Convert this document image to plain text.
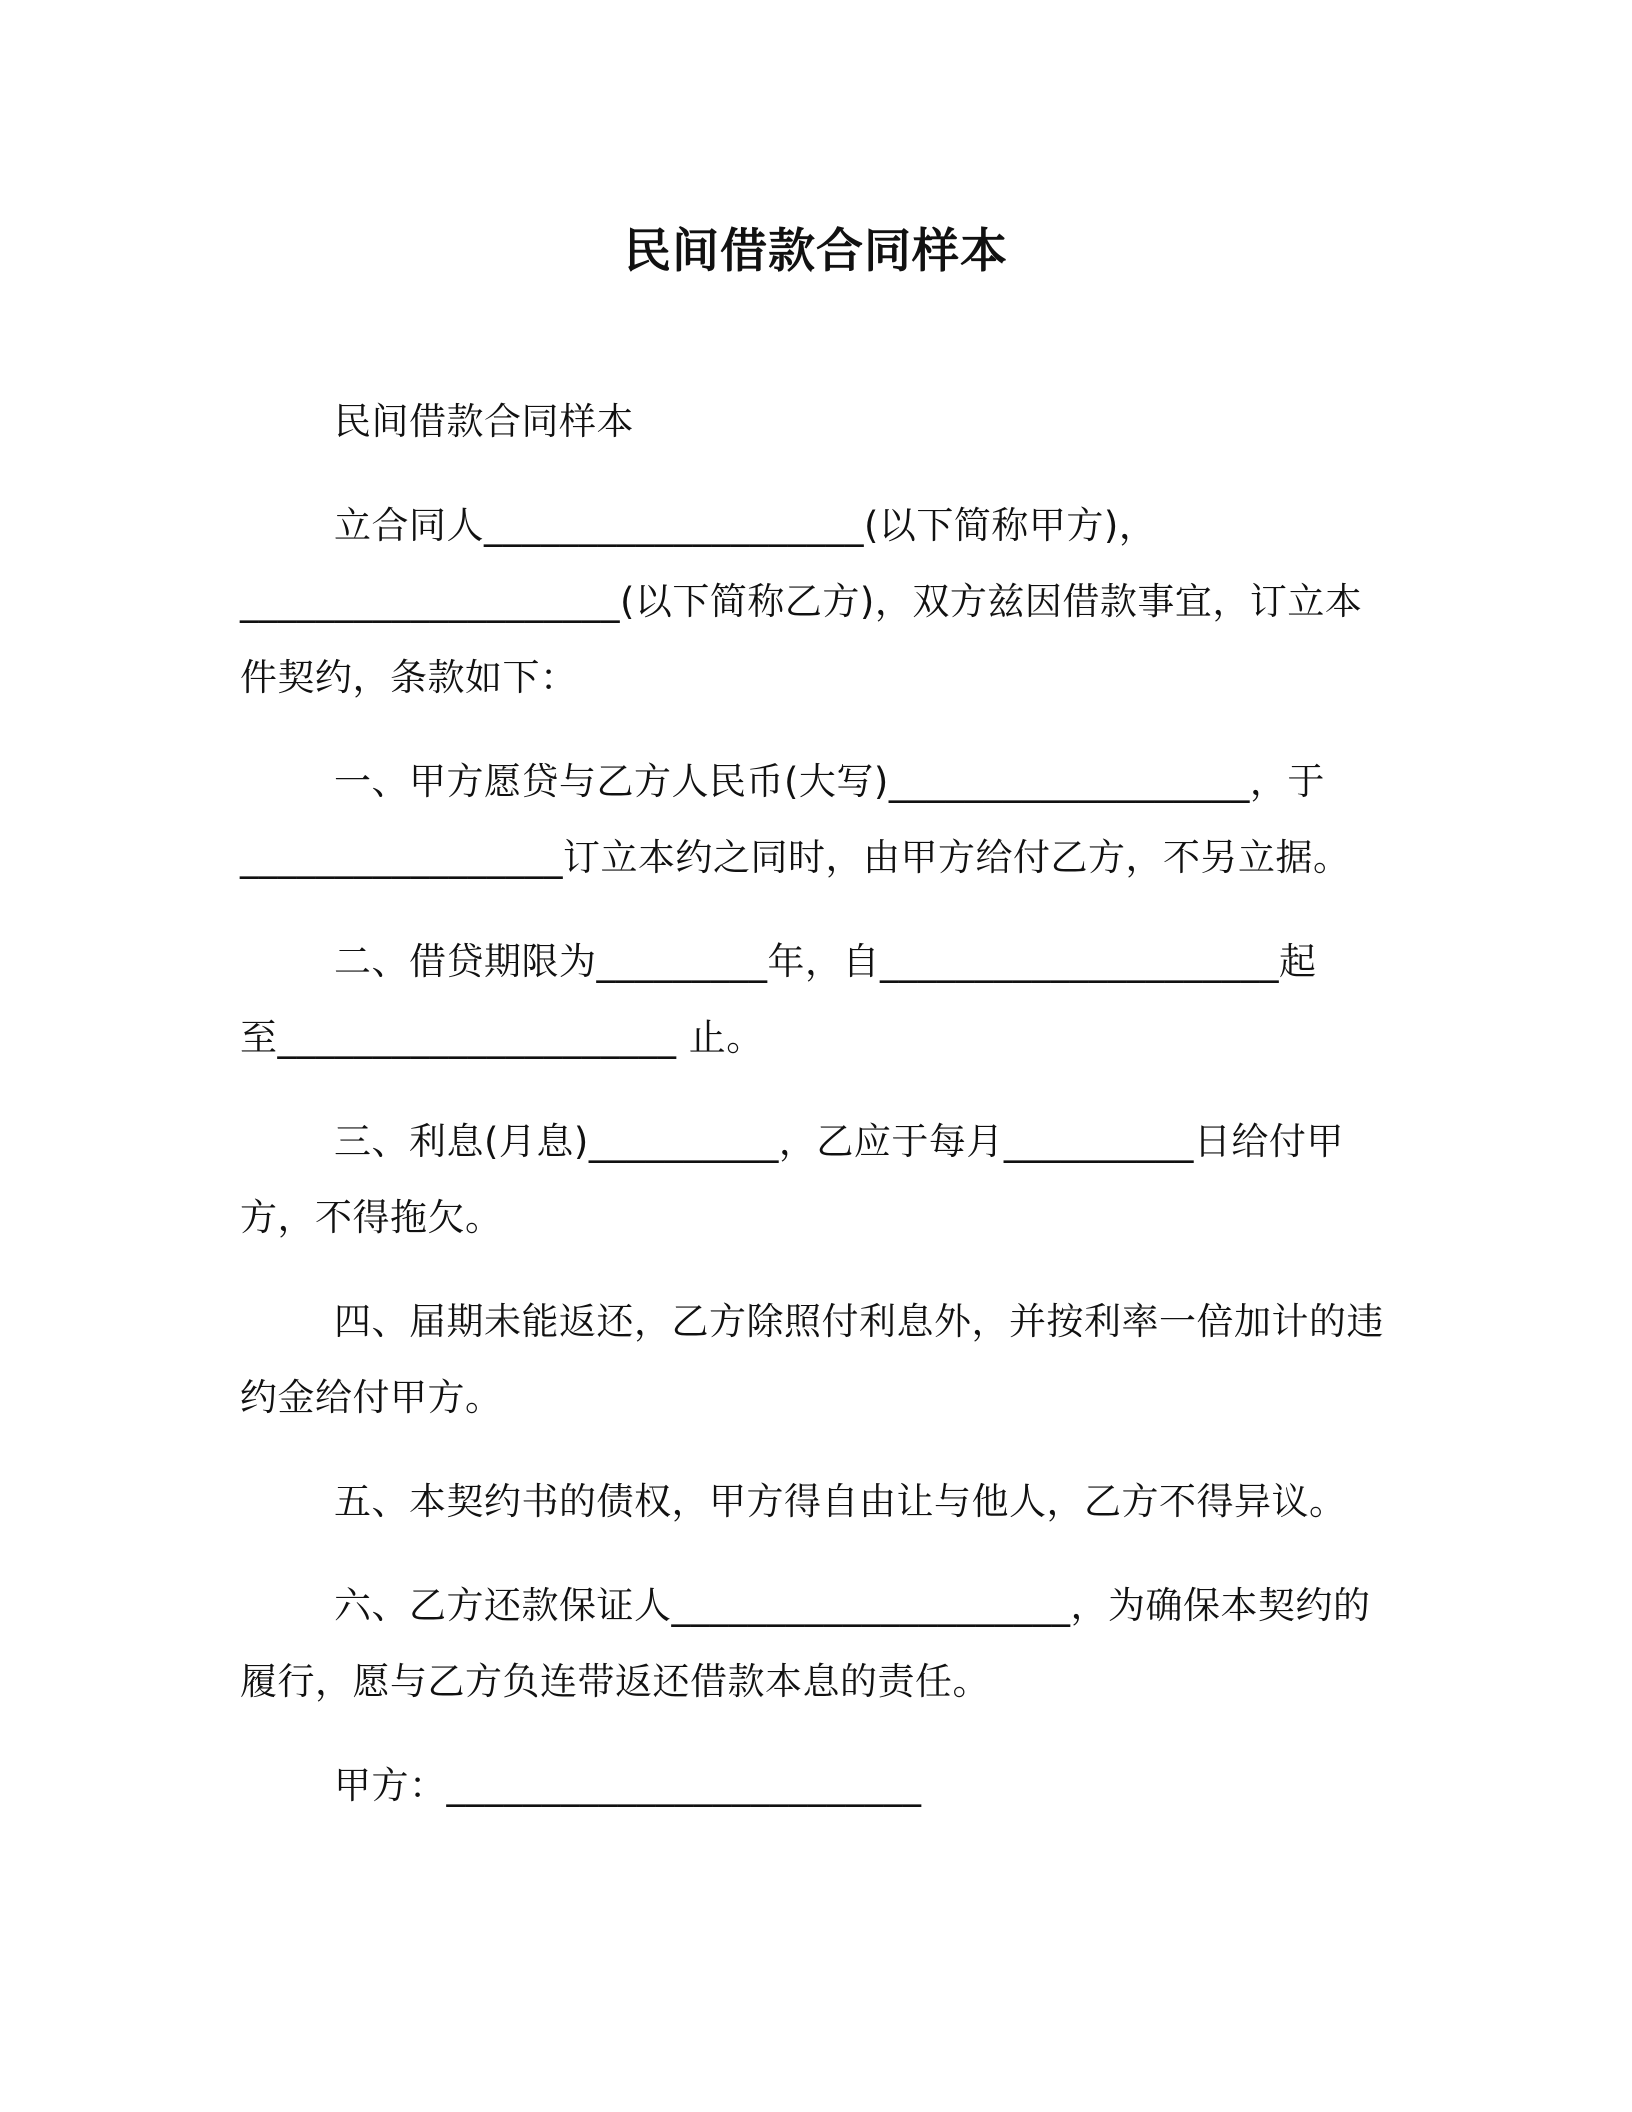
民间借款合同样本
民间借款合同样本
立合同人____________________(以下简称甲方)，
____________________(以下简称乙方)，双方兹因借款事宜，订立本
件契约，条款如下：
一、甲方愿贷与乙方人民币(大写)___________________，于
_________________订立本约之同时，由甲方给付乙方，不另立据。
二、借贷期限为_________年，自_____________________起
至_____________________ 止。
三、利息(月息)__________，乙应于每月__________日给付甲
方，不得拖欠。
四、届期未能返还，乙方除照付利息外，并按利率一倍加计的违
约金给付甲方。
五、本契约书的债权，甲方得自由让与他人，乙方不得异议。
六、乙方还款保证人_____________________，为确保本契约的
履行，愿与乙方负连带返还借款本息的责任。
甲方：_________________________
